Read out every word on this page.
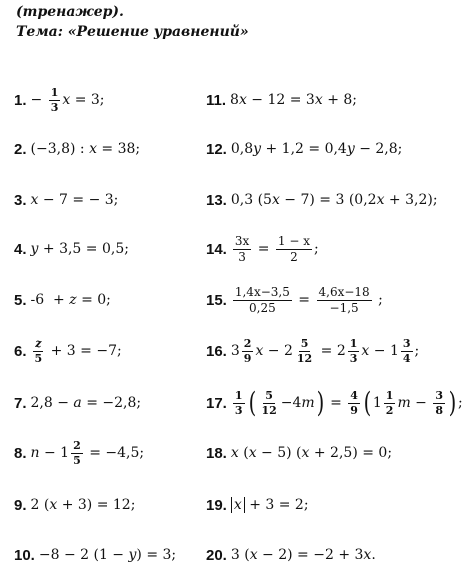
(тренажер).
Тема: «Решение уравнений»
1. − $\frac{1}{3}$ x = 3;
2. (−3,8) : x = 38;
3. x − 7 = − 3;
4. y + 3,5 = 0,5;
5. -6  + z = 0;
6. $\frac{z}{5} + 3 = -7$;
7. 2,8 − a = −2,8;
8. $n - 1 \frac{2}{5} = -4,5$;
9. 2 ( x + 3) = 12;
10. −8 − 2 (1 − y ) = 3;
11. 8 x − 12 = 3 x + 8;
12. 0,8 y + 1,2 = 0,4 y − 2,8;
13. 0,3 (5 x − 7) = 3 (0,2 x + 3,2);
14. $\frac{3x}{3} = \frac{1 - x}{2}$ ;
15. $\frac{1,4x-3,5}{0,25} = \frac{4,6x-18}{-1,5}$ ;
16. $3 \frac{2}{9}$ $x - 2 \frac{5}{12} = 2 \frac{1}{3}$ $x - 1 \frac{3}{4}$ ;
17. $\frac{1}{3}$ ( $\frac{5}{12} -4$ m ) = $\frac{4}{9}$ ( $1 \frac{1}{2}$ $m - \frac{3}{8}$ ) ;
18. x ( x − 5) ( x + 2,5) = 0;
19. x + 3 = 2;
20. 3 ( x − 2) = −2 + 3 x .
